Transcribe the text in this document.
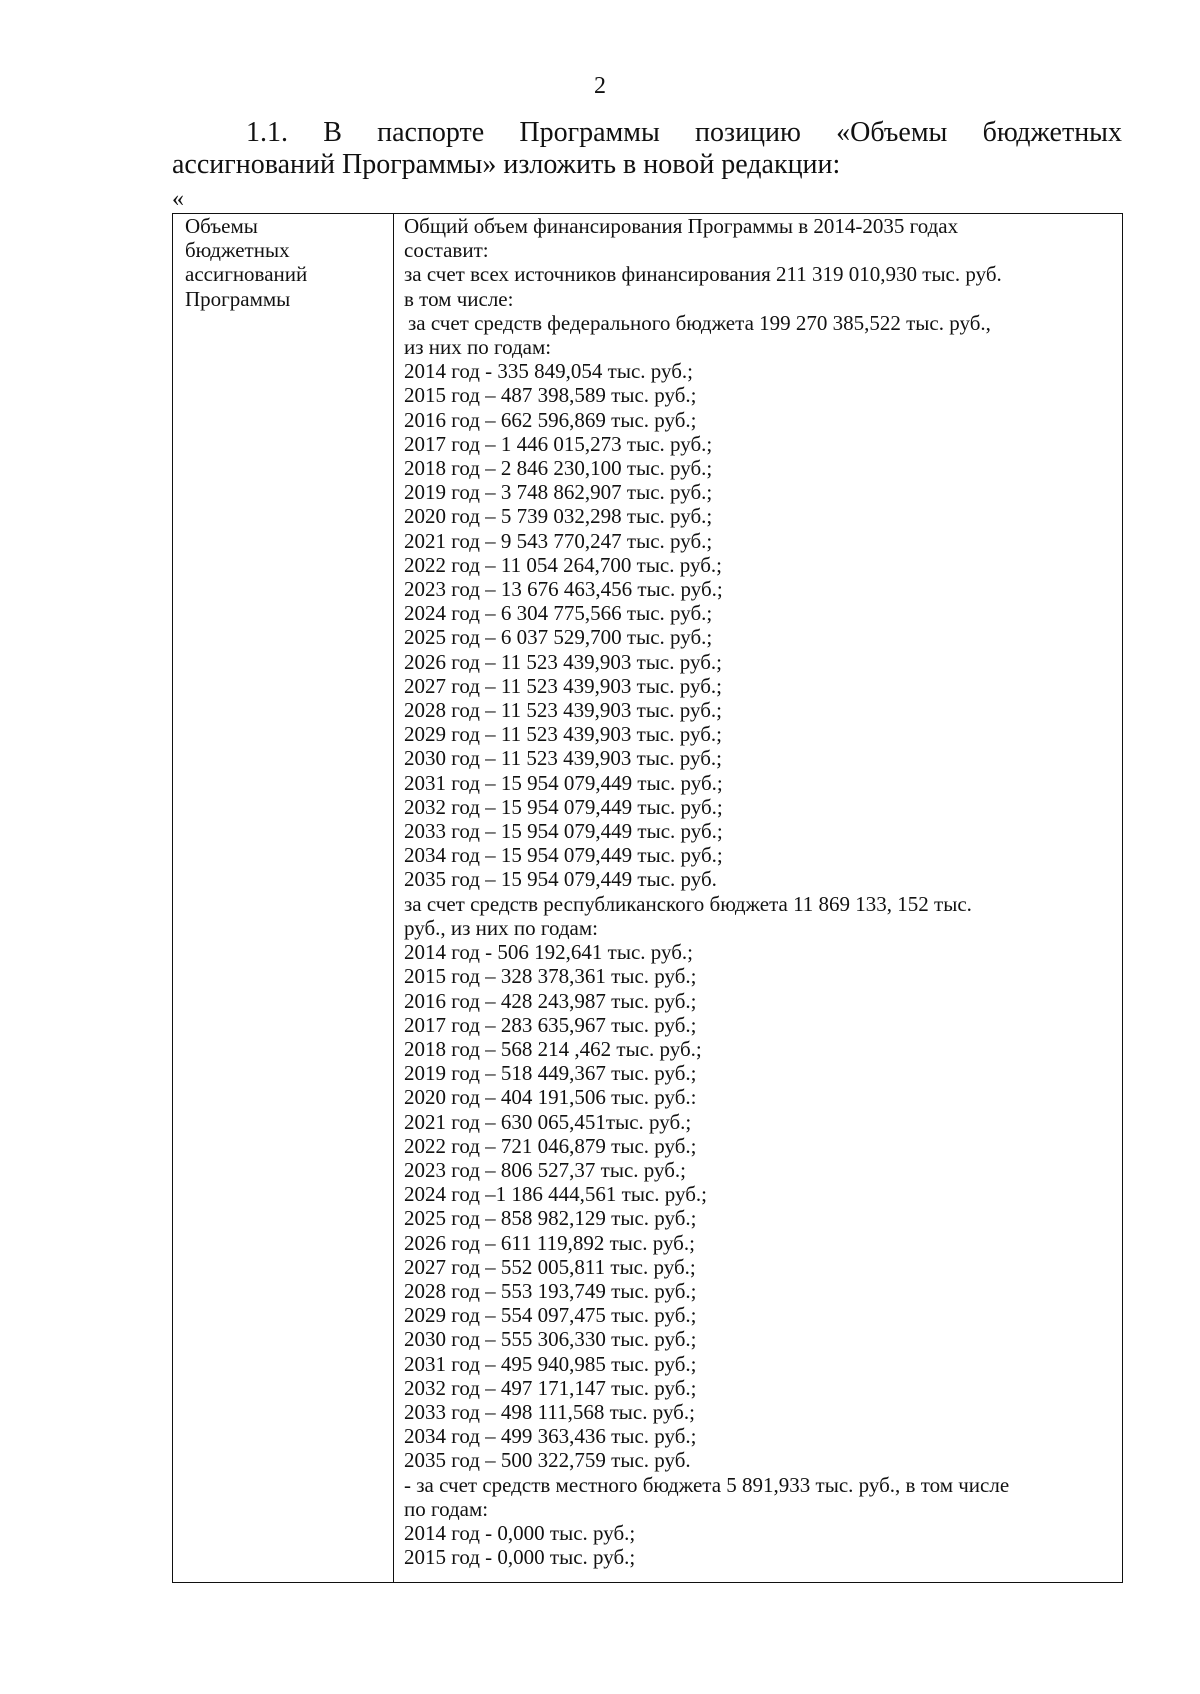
2
1.1. В паспорте Программы позицию «Объемы бюджетных
ассигнований Программы» изложить в новой редакции:
«
Объемы
бюджетных
ассигнований
Программы
Общий объем финансирования Программы в 2014-2035 годах
составит:
за счет всех источников финансирования 211 319 010,930 тыс. руб.
в том числе:
за счет средств федерального бюджета 199 270 385,522 тыс. руб.,
из них по годам:
2014 год - 335 849,054 тыс. руб.;
2015 год – 487 398,589 тыс. руб.;
2016 год – 662 596,869 тыс. руб.;
2017 год – 1 446 015,273 тыс. руб.;
2018 год – 2 846 230,100 тыс. руб.;
2019 год – 3 748 862,907 тыс. руб.;
2020 год – 5 739 032,298 тыс. руб.;
2021 год – 9 543 770,247 тыс. руб.;
2022 год – 11 054 264,700 тыс. руб.;
2023 год – 13 676 463,456 тыс. руб.;
2024 год – 6 304 775,566 тыс. руб.;
2025 год – 6 037 529,700 тыс. руб.;
2026 год – 11 523 439,903 тыс. руб.;
2027 год – 11 523 439,903 тыс. руб.;
2028 год – 11 523 439,903 тыс. руб.;
2029 год – 11 523 439,903 тыс. руб.;
2030 год – 11 523 439,903 тыс. руб.;
2031 год – 15 954 079,449 тыс. руб.;
2032 год – 15 954 079,449 тыс. руб.;
2033 год – 15 954 079,449 тыс. руб.;
2034 год – 15 954 079,449 тыс. руб.;
2035 год – 15 954 079,449 тыс. руб.
за счет средств республиканского бюджета 11 869 133, 152 тыс.
руб., из них по годам:
2014 год - 506 192,641 тыс. руб.;
2015 год – 328 378,361 тыс. руб.;
2016 год – 428 243,987 тыс. руб.;
2017 год – 283 635,967 тыс. руб.;
2018 год – 568 214 ,462 тыс. руб.;
2019 год – 518 449,367 тыс. руб.;
2020 год – 404 191,506 тыс. руб.:
2021 год – 630 065,451тыс. руб.;
2022 год – 721 046,879 тыс. руб.;
2023 год – 806 527,37 тыс. руб.;
2024 год –1 186 444,561 тыс. руб.;
2025 год – 858 982,129 тыс. руб.;
2026 год – 611 119,892 тыс. руб.;
2027 год – 552 005,811 тыс. руб.;
2028 год – 553 193,749 тыс. руб.;
2029 год – 554 097,475 тыс. руб.;
2030 год – 555 306,330 тыс. руб.;
2031 год – 495 940,985 тыс. руб.;
2032 год – 497 171,147 тыс. руб.;
2033 год – 498 111,568 тыс. руб.;
2034 год – 499 363,436 тыс. руб.;
2035 год – 500 322,759 тыс. руб.
- за счет средств местного бюджета 5 891,933 тыс. руб., в том числе
по годам:
2014 год - 0,000 тыс. руб.;
2015 год - 0,000 тыс. руб.;
